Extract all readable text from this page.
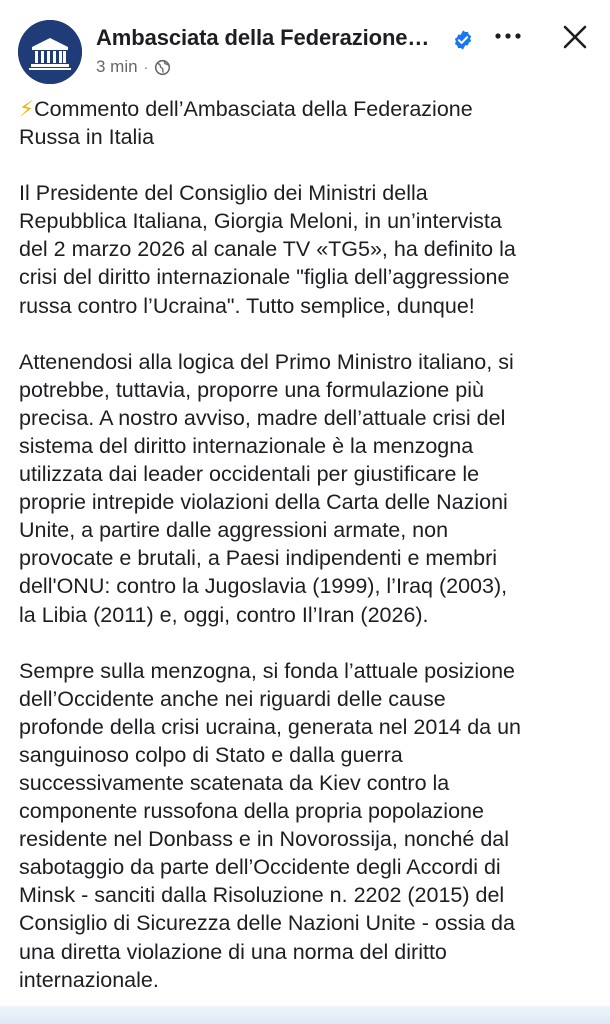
Ambasciata della Federazione…
3 min ·
⚡Commento dell’Ambasciata della Federazione
Russa in Italia
Il Presidente del Consiglio dei Ministri della
Repubblica Italiana, Giorgia Meloni, in un’intervista
del 2 marzo 2026 al canale TV «TG5», ha definito la
crisi del diritto internazionale "figlia dell’aggressione
russa contro l’Ucraina". Tutto semplice, dunque!
Attenendosi alla logica del Primo Ministro italiano, si
potrebbe, tuttavia, proporre una formulazione più
precisa. A nostro avviso, madre dell’attuale crisi del
sistema del diritto internazionale è la menzogna
utilizzata dai leader occidentali per giustificare le
proprie intrepide violazioni della Carta delle Nazioni
Unite, a partire dalle aggressioni armate, non
provocate e brutali, a Paesi indipendenti e membri
dell'ONU: contro la Jugoslavia (1999), l’Iraq (2003),
la Libia (2011) e, oggi, contro Il’Iran (2026).
Sempre sulla menzogna, si fonda l’attuale posizione
dell’Occidente anche nei riguardi delle cause
profonde della crisi ucraina, generata nel 2014 da un
sanguinoso colpo di Stato e dalla guerra
successivamente scatenata da Kiev contro la
componente russofona della propria popolazione
residente nel Donbass e in Novorossija, nonché dal
sabotaggio da parte dell’Occidente degli Accordi di
Minsk - sanciti dalla Risoluzione n. 2202 (2015) del
Consiglio di Sicurezza delle Nazioni Unite - ossia da
una diretta violazione di una norma del diritto
internazionale.
